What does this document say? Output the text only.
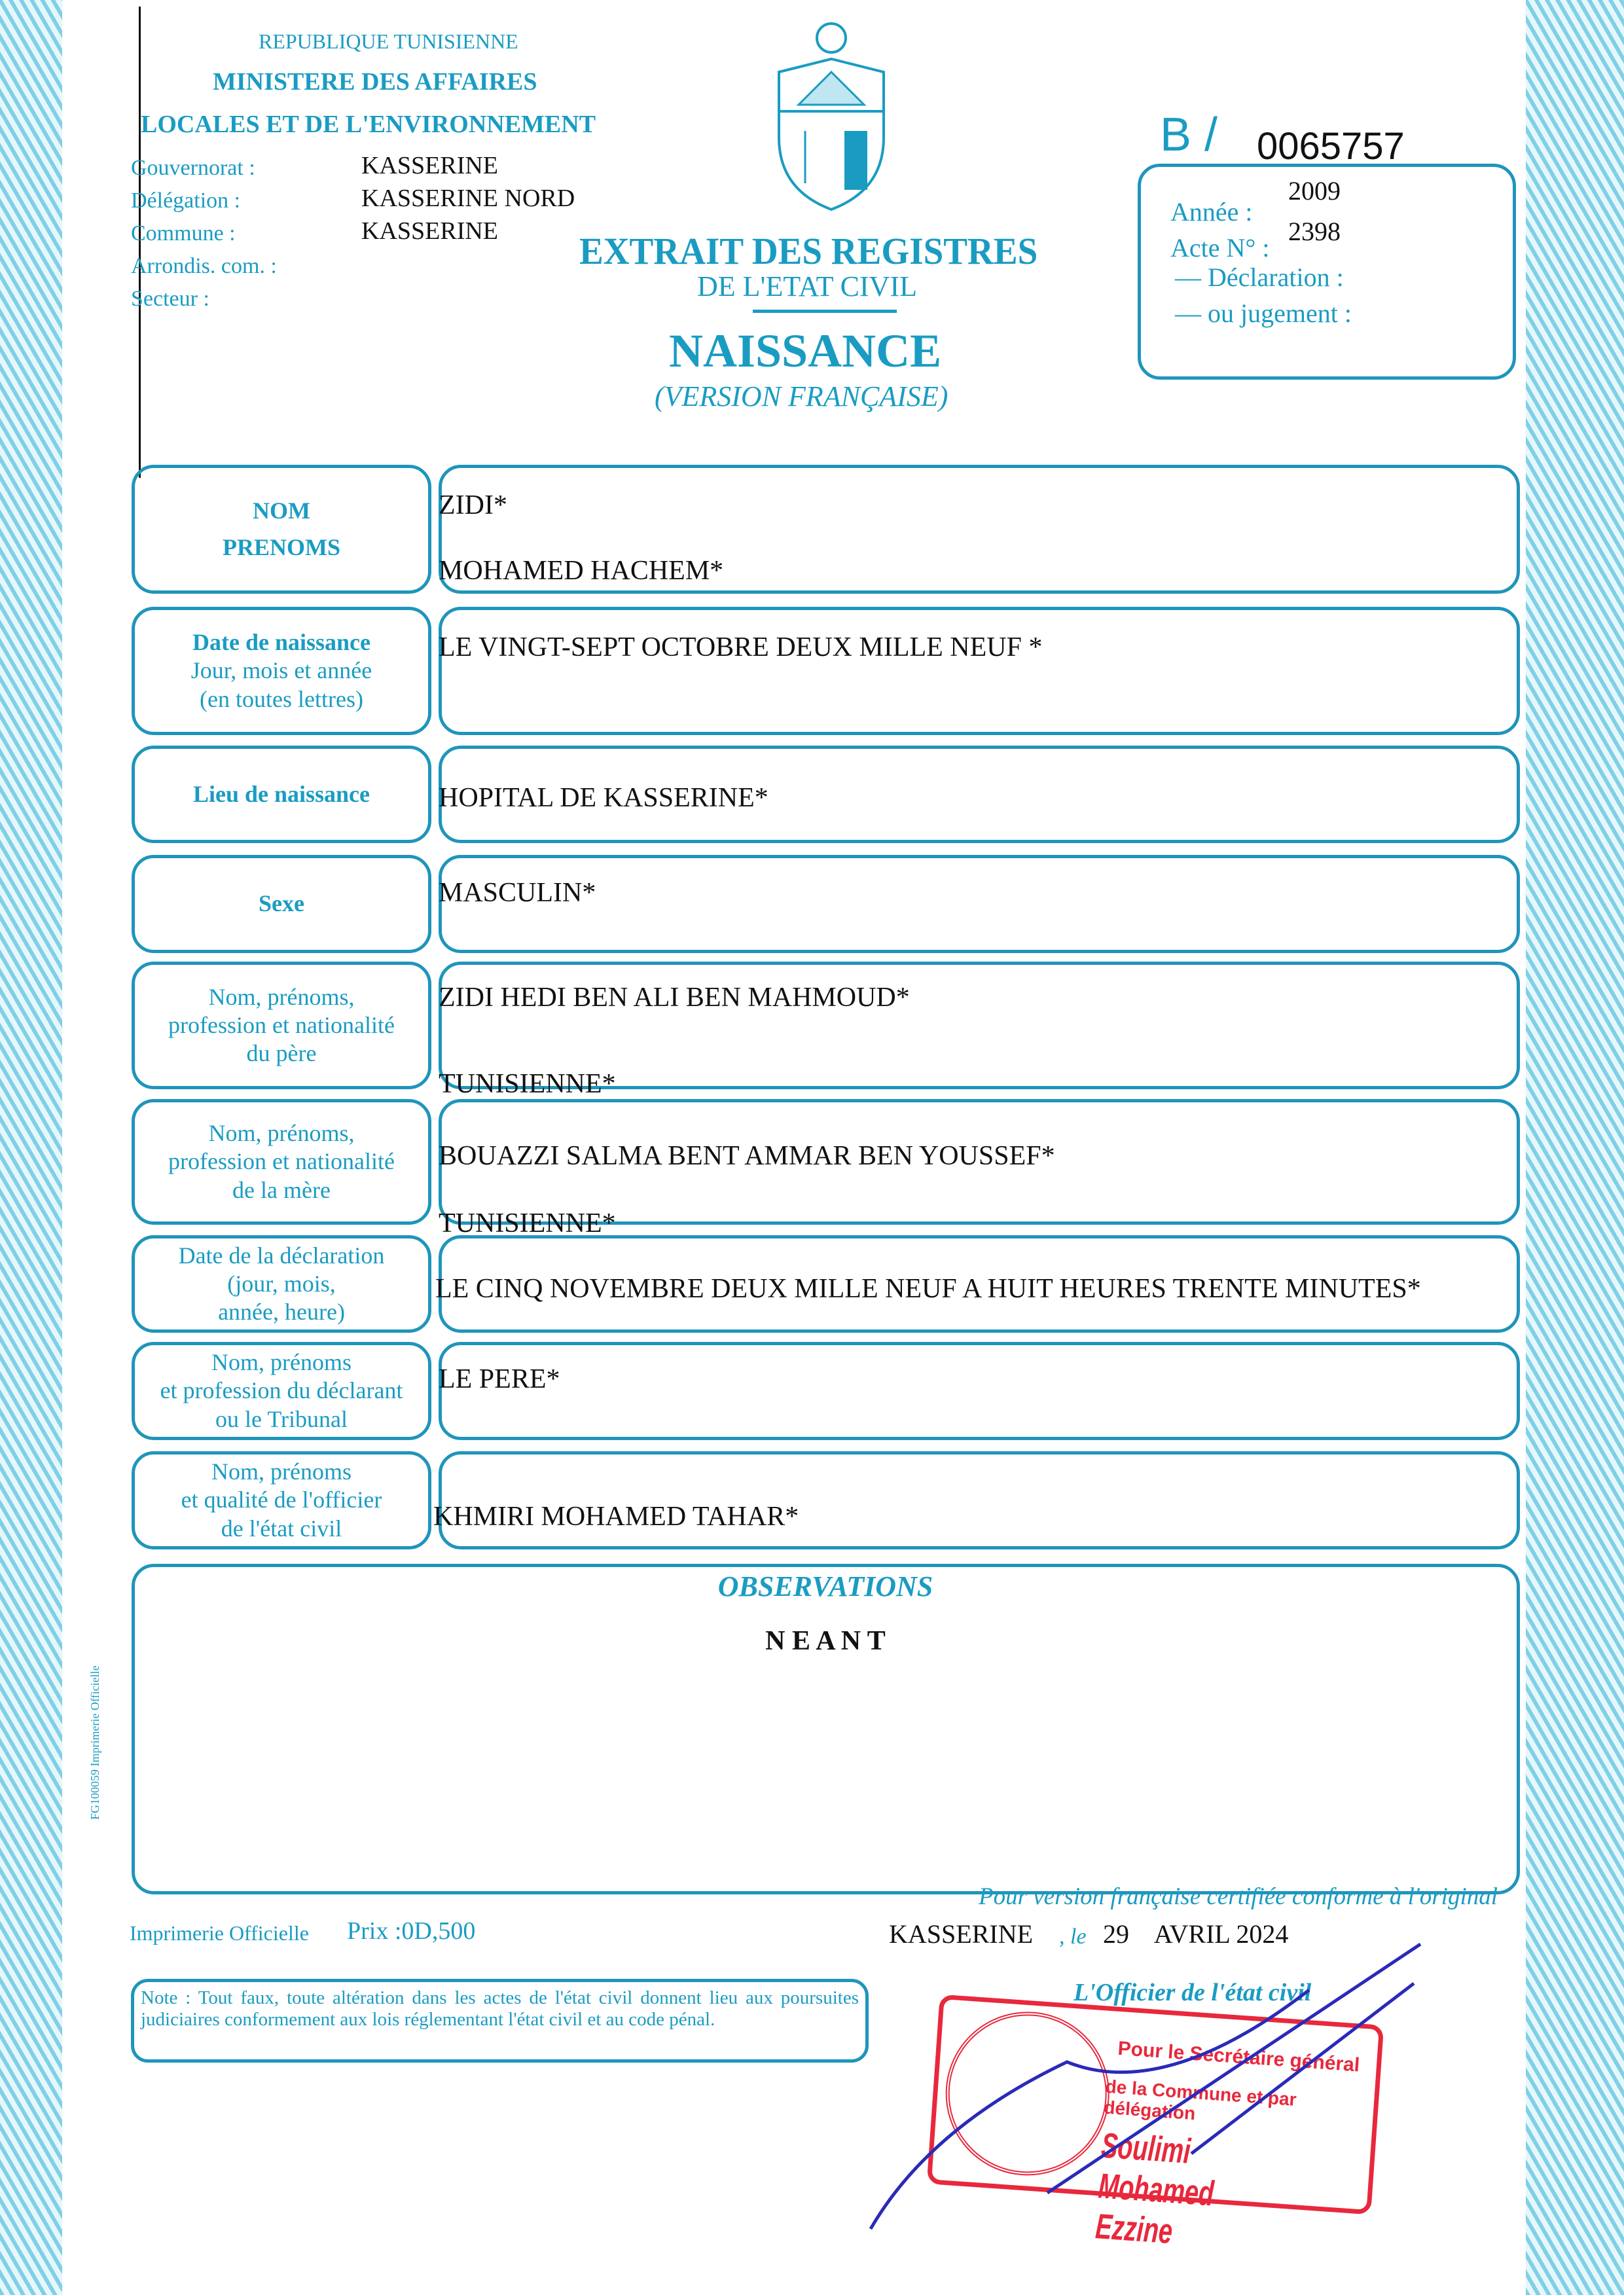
REPUBLIQUE TUNISIENNE
MINISTERE DES AFFAIRES
LOCALES ET DE L'ENVIRONNEMENT
Gouvernorat :
Délégation :
Commune :
Arrondis. com. :
Secteur :
KASSERINE
KASSERINE NORD
KASSERINE EXTRAIT DES REGISTRES
DE L'ETAT CIVIL
NAISSANCE
(VERSION FRANÇAISE)
B / 0065757
Année :
2009
Acte N° :
2398
— Déclaration :
— ou jugement :
NOM
PRENOMS
ZIDI*
MOHAMED HACHEM*
Date de naissance
Jour, mois et année
(en toutes lettres)
LE VINGT-SEPT OCTOBRE DEUX MILLE NEUF *
Lieu de naissance HOPITAL DE KASSERINE*
Sexe	MASCULIN*
Nom, prénoms,
profession et nationalité
du père
ZIDI HEDI BEN ALI BEN MAHMOUD*
TUNISIENNE*
Nom, prénoms,
profession et nationalité
de la mère
BOUAZZI SALMA BENT AMMAR BEN YOUSSEF*
TUNISIENNE*
Date de la déclaration
(jour, mois,
année, heure)
LE CINQ NOVEMBRE DEUX MILLE NEUF A HUIT HEURES TRENTE MINUTES*
Nom, prénoms
et profession du déclarant
ou le Tribunal
LE PERE*
Nom, prénoms
et qualité de l'officier
de l'état civil	KHMIRI MOHAMED TAHAR*
OBSERVATIONS
N E A N T
FG100059 Imprimerie Officielle
Imprimerie Officielle Prix :0D,500
Pour version française certifiée conforme à l'original
KASSERINE , le 29    AVRIL 2024
L'Officier de l'état civil
Note : Tout faux, toute altération dans les actes de l'état civil donnent lieu aux poursuites judiciaires conformement aux lois réglementant l'état civil et au code pénal.
Pour le Secrétaire général
de la Commune et par délégation
Soulimi Mohamed Ezzine
